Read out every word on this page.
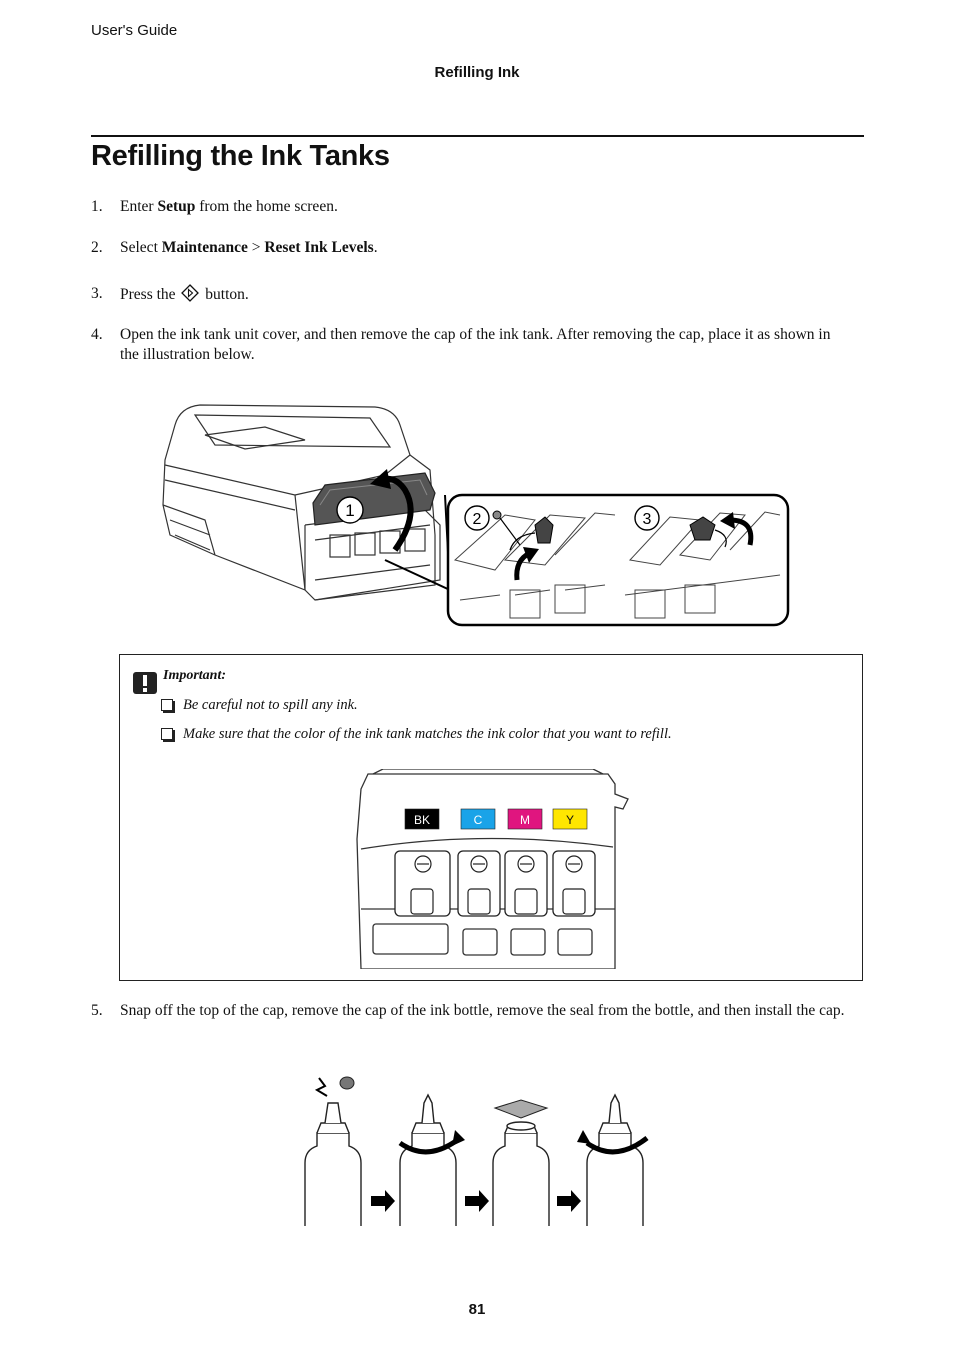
User's Guide
Refilling Ink
Refilling the Ink Tanks
1. Enter Setup from the home screen.
2. Select Maintenance > Reset Ink Levels.
3. Press the  button.
4. Open the ink tank unit cover, and then remove the cap of the ink tank. After removing the cap, place it as shown in the illustration below.
1	2	3
Important:
Be careful not to spill any ink.
Make sure that the color of the ink tank matches the ink color that you want to refill.
BK	C	M	Y
5. Snap off the top of the cap, remove the cap of the ink bottle, remove the seal from the bottle, and then install the cap.
81
